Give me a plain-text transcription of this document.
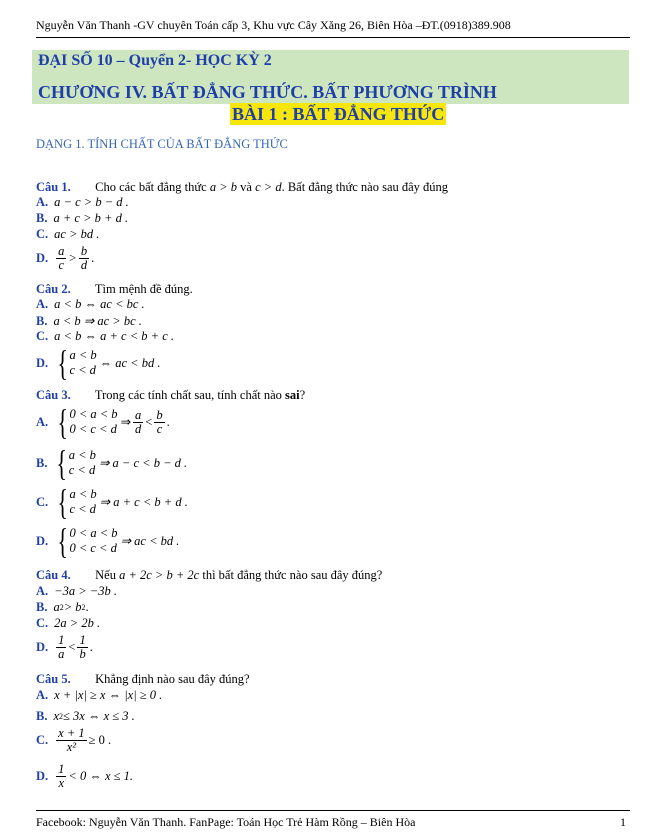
Nguyễn Văn Thanh -GV chuyên Toán cấp 3, Khu vực Cây Xăng 26, Biên Hòa –ĐT.(0918)389.908
ĐẠI SỐ 10 – Quyển 2- HỌC KỲ 2
CHƯƠNG IV. BẤT ĐẲNG THỨC. BẤT PHƯƠNG TRÌNH
BÀI 1 : BẤT ĐẲNG THỨC
DẠNG 1. TÍNH CHẤT CỦA BẤT ĐẲNG THỨC
Câu 1. Cho các bất đẳng thức a > b và c > d. Bất đẳng thức nào sau đây đúng
A. a − c > b − d .
B. a + c > b + d .
C. ac > bd .
D. $\frac{a}{c} > \frac{b}{d}$ .
Câu 2. Tìm mệnh đề đúng.
A. a < b ⇔ ac < bc .
B. a < b ⇒ ac > bc .
C. a < b ⇔ a + c < b + c .
D. { a < b
c < d
⇔ ac < bd .
Câu 3. Trong các tính chất sau, tính chất nào sai?
A. { 0 < a < b
0 < c < d ⇒ $\frac{a}{d} < \frac{b}{c}$ .
B. { a < b
c < d ⇒ a − c < b − d .
C. { a < b
c < d ⇒ a + c < b + d .
D. { 0 < a < b
0 < c < d ⇒ ac < bd .
Câu 4. Nếu a + 2c > b + 2c thì bất đẳng thức nào sau đây đúng?
A. −3a > −3b .
B. a 2 > b 2 .
C. 2a > 2b .
D. $\frac{1}{a} < \frac{1}{b}$ .
Câu 5. Khẳng định nào sau đây đúng?
A. x + |x| ≥ x ⇔ |x| ≥ 0 .
B. x 2 ≤ 3x ⇔ x ≤ 3 .
C. $\frac{x + 1}{\text{x²}} \ge 0$ .
D. $\frac{1}{x} < 0$ ⇔ x ≤ 1.
Facebook: Nguyễn Văn Thanh. FanPage: Toán Học Trẻ Hàm Rồng – Biên Hòa	1
